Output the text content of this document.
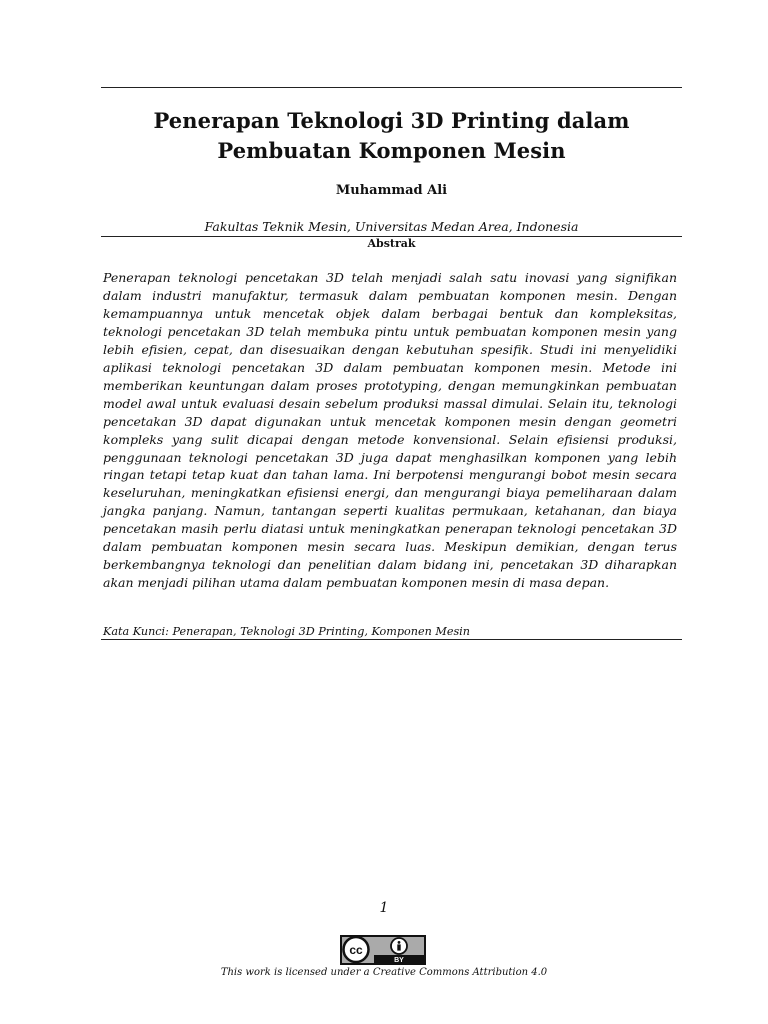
Penerapan Teknologi 3D Printing dalam Pembuatan Komponen Mesin
Muhammad Ali
Fakultas Teknik Mesin, Universitas Medan Area, Indonesia
Abstrak

Penerapan teknologi pencetakan 3D telah menjadi salah satu inovasi yang signifikan dalam industri manufaktur, termasuk dalam pembuatan komponen mesin. Dengan kemampuannya untuk mencetak objek dalam berbagai bentuk dan kompleksitas, teknologi pencetakan 3D telah membuka pintu untuk pembuatan komponen mesin yang lebih efisien, cepat, dan disesuaikan dengan kebutuhan spesifik. Studi ini menyelidiki aplikasi teknologi pencetakan 3D dalam pembuatan komponen mesin. Metode ini memberikan keuntungan dalam proses prototyping, dengan memungkinkan pembuatan model awal untuk evaluasi desain sebelum produksi massal dimulai. Selain itu, teknologi pencetakan 3D dapat digunakan untuk mencetak komponen mesin dengan geometri kompleks yang sulit dicapai dengan metode konvensional. Selain efisiensi produksi, penggunaan teknologi pencetakan 3D juga dapat menghasilkan komponen yang lebih ringan tetapi tetap kuat dan tahan lama. Ini berpotensi mengurangi bobot mesin secara keseluruhan, meningkatkan efisiensi energi, dan mengurangi biaya pemeliharaan dalam jangka panjang. Namun, tantangan seperti kualitas permukaan, ketahanan, dan biaya pencetakan masih perlu diatasi untuk meningkatkan penerapan teknologi pencetakan 3D dalam pembuatan komponen mesin secara luas. Meskipun demikian, dengan terus berkembangnya teknologi dan penelitian dalam bidang ini, pencetakan 3D diharapkan akan menjadi pilihan utama dalam pembuatan komponen mesin di masa depan.

Kata Kunci: Penerapan, Teknologi 3D Printing, Komponen Mesin
1
cc
BY
This work is licensed under a Creative Commons Attribution 4.0
